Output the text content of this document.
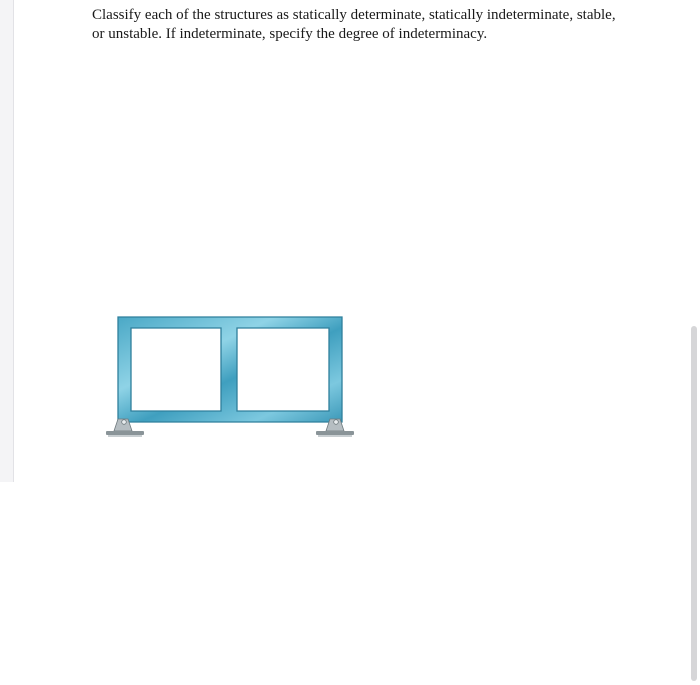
Classify each of the structures as statically determinate, statically indeterminate, stable,
or unstable. If indeterminate, specify the degree of indeterminacy.
